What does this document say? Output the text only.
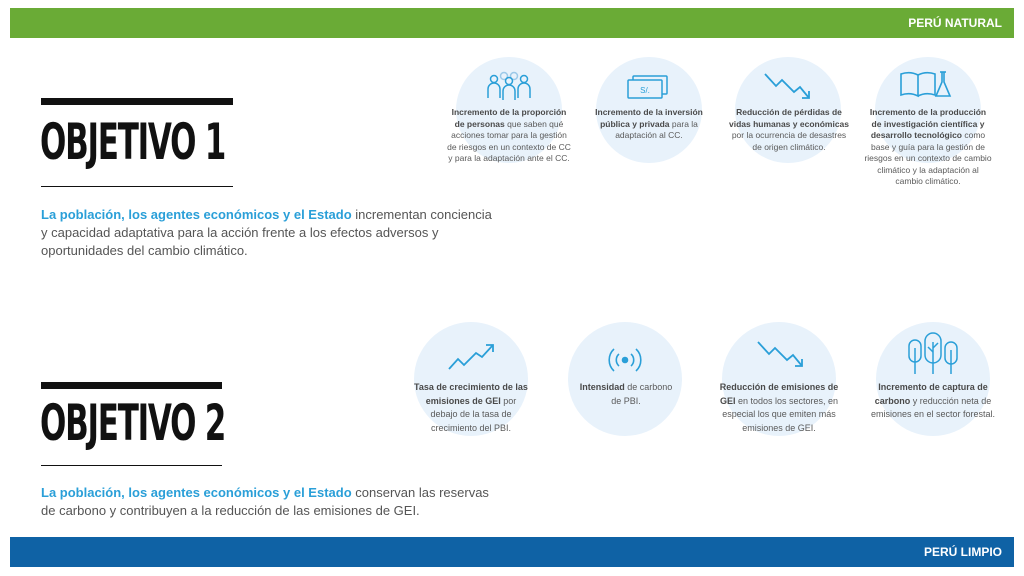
PERÚ NATURAL
OBJETIVO 1
La población, los agentes económicos y el Estado incrementan conciencia y capacidad adaptativa para la acción frente a los efectos adversos y oportunidades del cambio climático.
OBJETIVO 2
La población, los agentes económicos y el Estado conservan las reservas de carbono y contribuyen a la reducción de las emisiones de GEI.
Incremento de la proporción de personas que saben qué acciones tomar para la gestión de riesgos en un contexto de CC y para la adaptación ante el CC.
S/.
Incremento de la inversión pública y privada para la adaptación al CC.
Reducción de pérdidas de vidas humanas y económicas por la ocurrencia de desastres de origen climático.
Incremento de la producción de investigación científica y desarrollo tecnológico como base y guía para la gestión de riesgos en un contexto de cambio climático y la adaptación al cambio climático.
Tasa de crecimiento de las emisiones de GEI por debajo de la tasa de crecimiento del PBI.
Intensidad de carbono de PBI.
Reducción de emisiones de GEI en todos los sectores, en especial los que emiten más emisiones de GEI.
Incremento de captura de carbono y reducción neta de emisiones en el sector forestal.
PERÚ LIMPIO
